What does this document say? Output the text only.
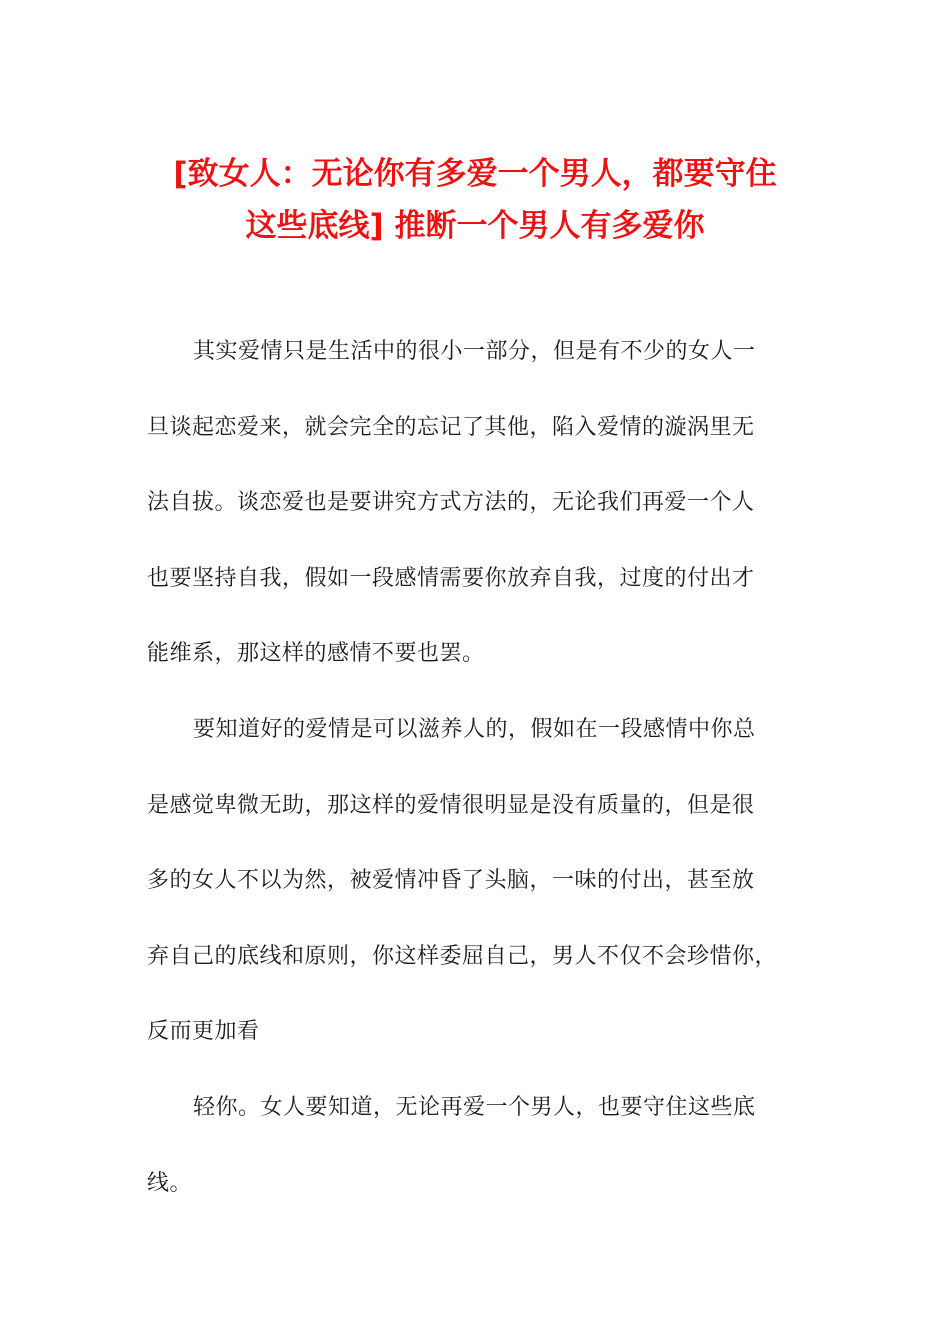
[致女人：无论你有多爱一个男人，都要守住
这些底线] 推断一个男人有多爱你
其实爱情只是生活中的很小一部分，但是有不少的女人一
旦谈起恋爱来，就会完全的忘记了其他，陷入爱情的漩涡里无
法自拔。谈恋爱也是要讲究方式方法的，无论我们再爱一个人
也要坚持自我，假如一段感情需要你放弃自我，过度的付出才
能维系，那这样的感情不要也罢。
要知道好的爱情是可以滋养人的，假如在一段感情中你总
是感觉卑微无助，那这样的爱情很明显是没有质量的，但是很
多的女人不以为然，被爱情冲昏了头脑，一味的付出，甚至放
弃自己的底线和原则，你这样委屈自己，男人不仅不会珍惜你，
反而更加看
轻你。女人要知道，无论再爱一个男人，也要守住这些底
线。
